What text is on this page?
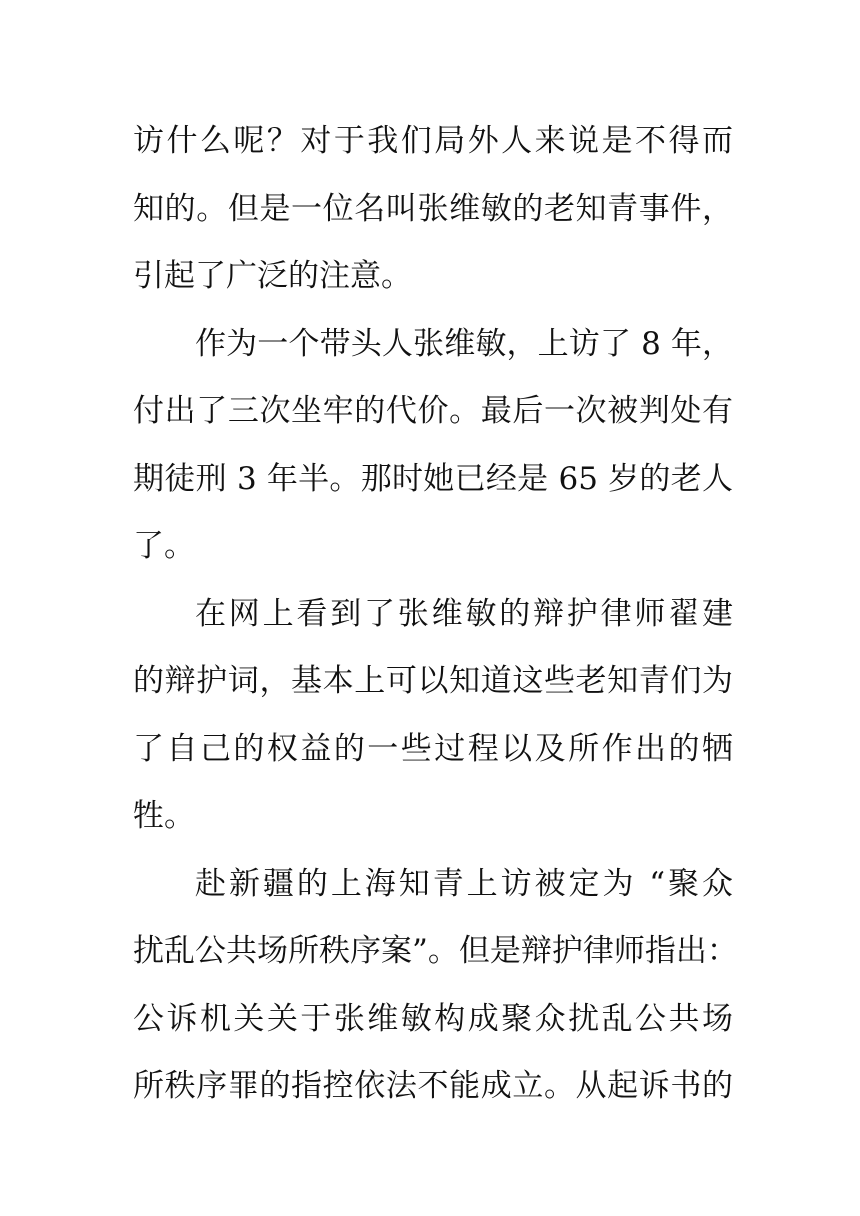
访什么呢？对于我们局外人来说是不得而
知的。但是一位名叫张维敏的老知青事件，
引起了广泛的注意。
作为一个带头人张维敏，上访了 8 年，
付出了三次坐牢的代价。最后一次被判处有
期徒刑 3 年半。那时她已经是 65 岁的老人
了。
在网上看到了张维敏的辩护律师翟建
的辩护词，基本上可以知道这些老知青们为
了自己的权益的一些过程以及所作出的牺
牲。
赴新疆的上海知青上访被定为 “聚众
扰乱公共场所秩序案”。但是辩护律师指出：
公诉机关关于张维敏构成聚众扰乱公共场
所秩序罪的指控依法不能成立。从起诉书的
